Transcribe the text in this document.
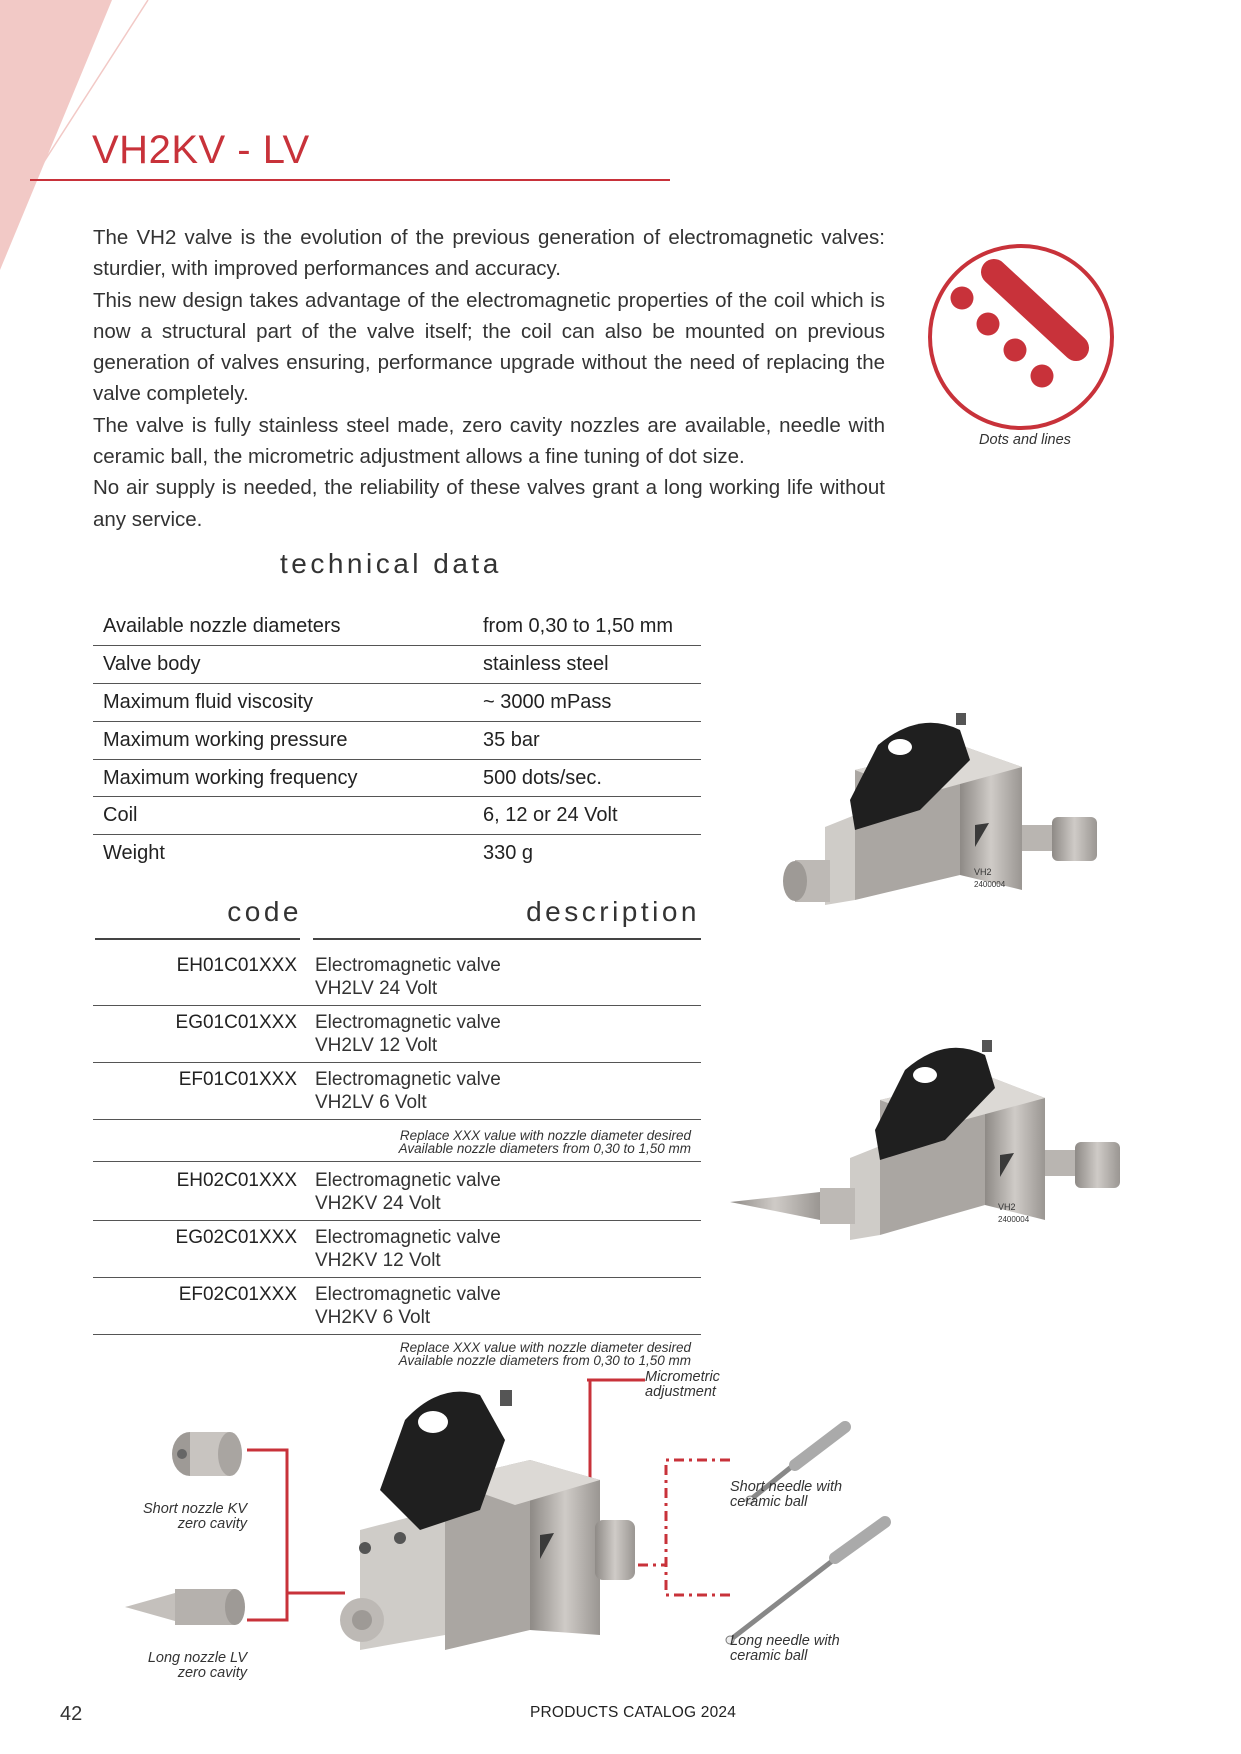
VH2KV - LV

The VH2 valve is the evolution of the previous generation of electromagnetic valves: sturdier, with improved performances and accuracy.

This new design takes advantage of the electromagnetic properties of the coil which is now a structural part of the valve itself; the coil can also be mounted on previous generation of valves ensuring, performance upgrade without the need of replacing the valve completely.

The valve is fully stainless steel made, zero cavity nozzles are available, needle with ceramic ball, the micrometric adjustment allows a fine tuning of dot size.

No air supply is needed, the reliability of these valves grant a long working life without any service.

Dots and lines
technical data
Available nozzle diameters	from 0,30 to 1,50 mm
Valve body	stainless steel
Maximum fluid viscosity	~ 3000 mPass
Maximum working pressure	35 bar
Maximum working frequency	500 dots/sec.
Coil	6, 12 or 24 Volt
Weight	330 g
code	description
EH01C01XXX Electromagnetic valve
VH2LV 24 Volt
EG01C01XXX Electromagnetic valve
VH2LV 12 Volt
EF01C01XXX Electromagnetic valve
VH2LV 6 Volt
Replace XXX value with nozzle diameter desired
Available nozzle diameters from 0,30 to 1,50 mm
EH02C01XXX Electromagnetic valve
VH2KV 24 Volt
EG02C01XXX Electromagnetic valve
VH2KV 12 Volt
EF02C01XXX Electromagnetic valve
VH2KV 6 Volt
Replace XXX value with nozzle diameter desired
Available nozzle diameters from 0,30 to 1,50 mm
VH2
2400004
VH2
2400004
Micrometric
adjustment
Short nozzle KV
zero cavity
Long nozzle LV
zero cavity
Short needle with
ceramic ball
Long needle with
ceramic ball
42	PRODUCTS CATALOG 2024
